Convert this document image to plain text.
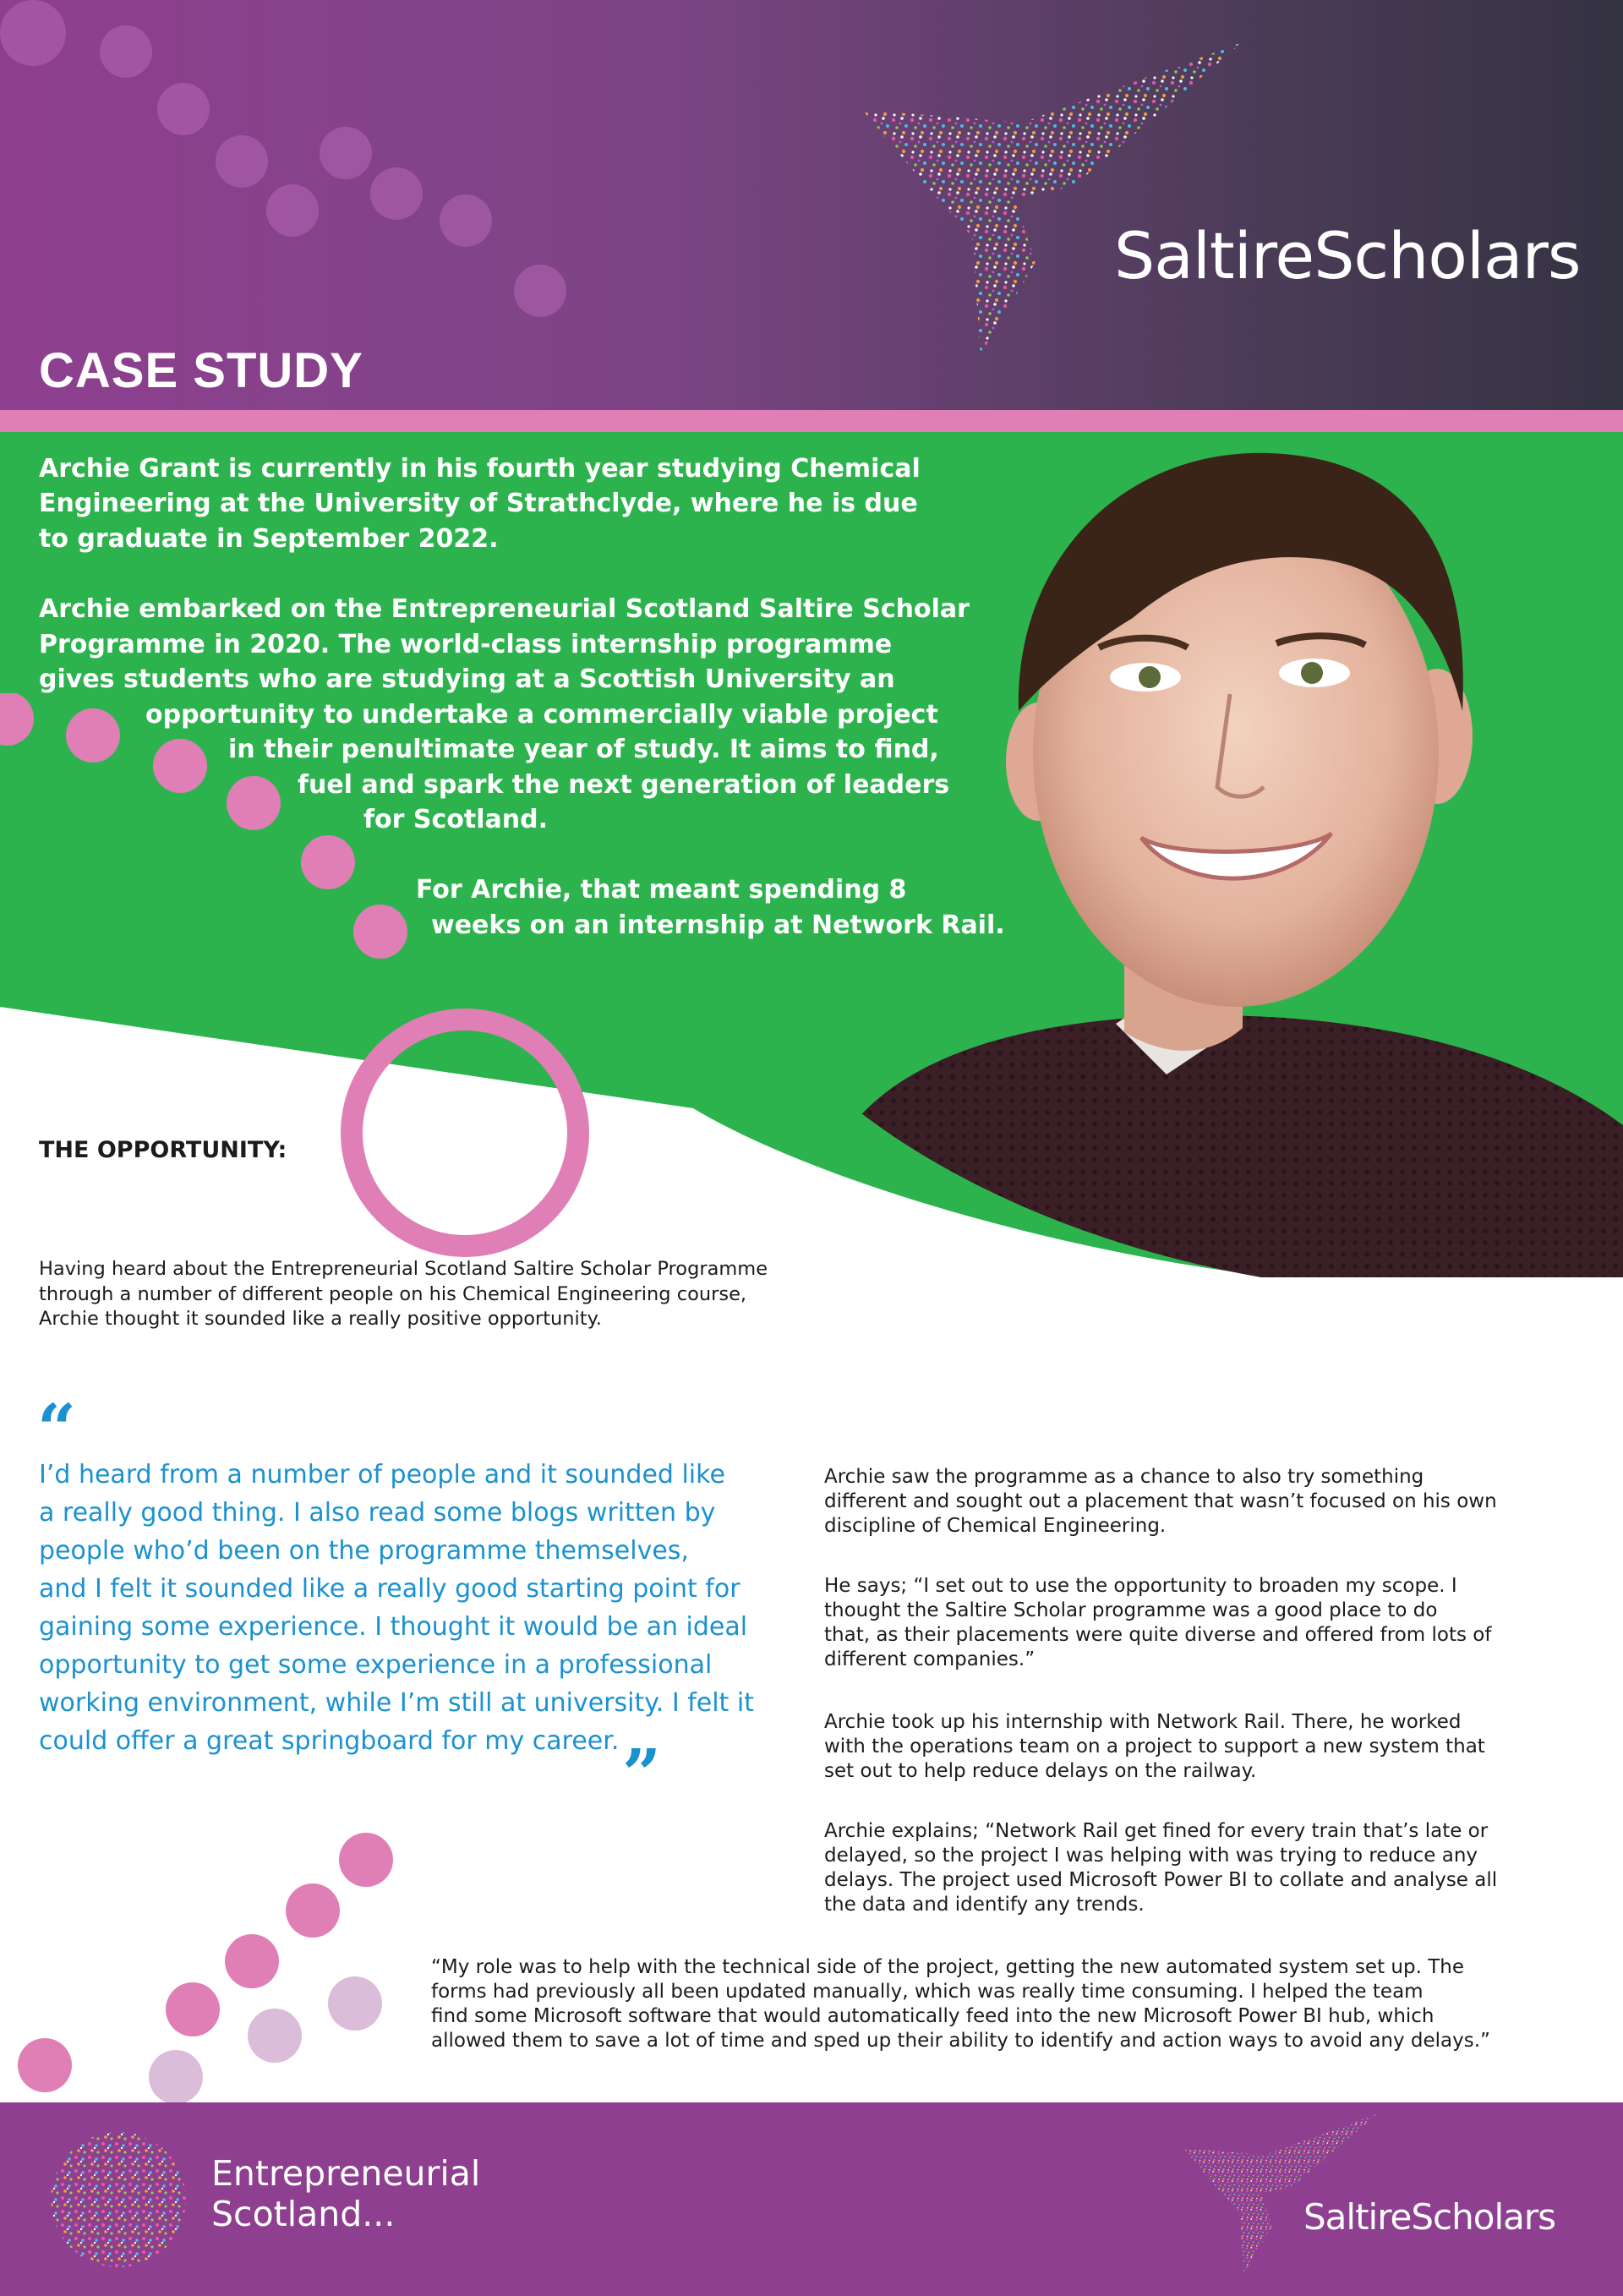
SaltireScholars
CASE STUDY
Archie Grant is currently in his fourth year studying Chemical
Engineering at the University of Strathclyde, where he is due
to graduate in September 2022.
Archie embarked on the Entrepreneurial Scotland Saltire Scholar
Programme in 2020. The world-class internship programme
gives students who are studying at a Scottish University an
opportunity to undertake a commercially viable project
in their penultimate year of study. It aims to find,
fuel and spark the next generation of leaders
for Scotland.
For Archie, that meant spending 8
weeks on an internship at Network Rail.
THE OPPORTUNITY:
Having heard about the Entrepreneurial Scotland Saltire Scholar Programme through a number of different people on his Chemical Engineering course, Archie thought it sounded like a really positive opportunity.
“

I’d heard from a number of people and it sounded like
a really good thing. I also read some blogs written by
people who’d been on the programme themselves,
and I felt it sounded like a really good starting point for
gaining some experience. I thought it would be an ideal
opportunity to get some experience in a professional
working environment, while I’m still at university. I felt it
could offer a great springboard for my career. ”

Archie saw the programme as a chance to also try something
different and sought out a placement that wasn’t focused on his own
discipline of Chemical Engineering.

He says; “I set out to use the opportunity to broaden my scope. I
thought the Saltire Scholar programme was a good place to do
that, as their placements were quite diverse and offered from lots of
different companies.”

Archie took up his internship with Network Rail. There, he worked
with the operations team on a project to support a new system that
set out to help reduce delays on the railway.

Archie explains; “Network Rail get fined for every train that’s late or
delayed, so the project I was helping with was trying to reduce any
delays. The project used Microsoft Power BI to collate and analyse all
the data and identify any trends.

“My role was to help with the technical side of the project, getting the new automated system set up. The
forms had previously all been updated manually, which was really time consuming. I helped the team
find some Microsoft software that would automatically feed into the new Microsoft Power BI hub, which
allowed them to save a lot of time and sped up their ability to identify and action ways to avoid any delays.”

Entrepreneurial
Scotland...	SaltireScholars
